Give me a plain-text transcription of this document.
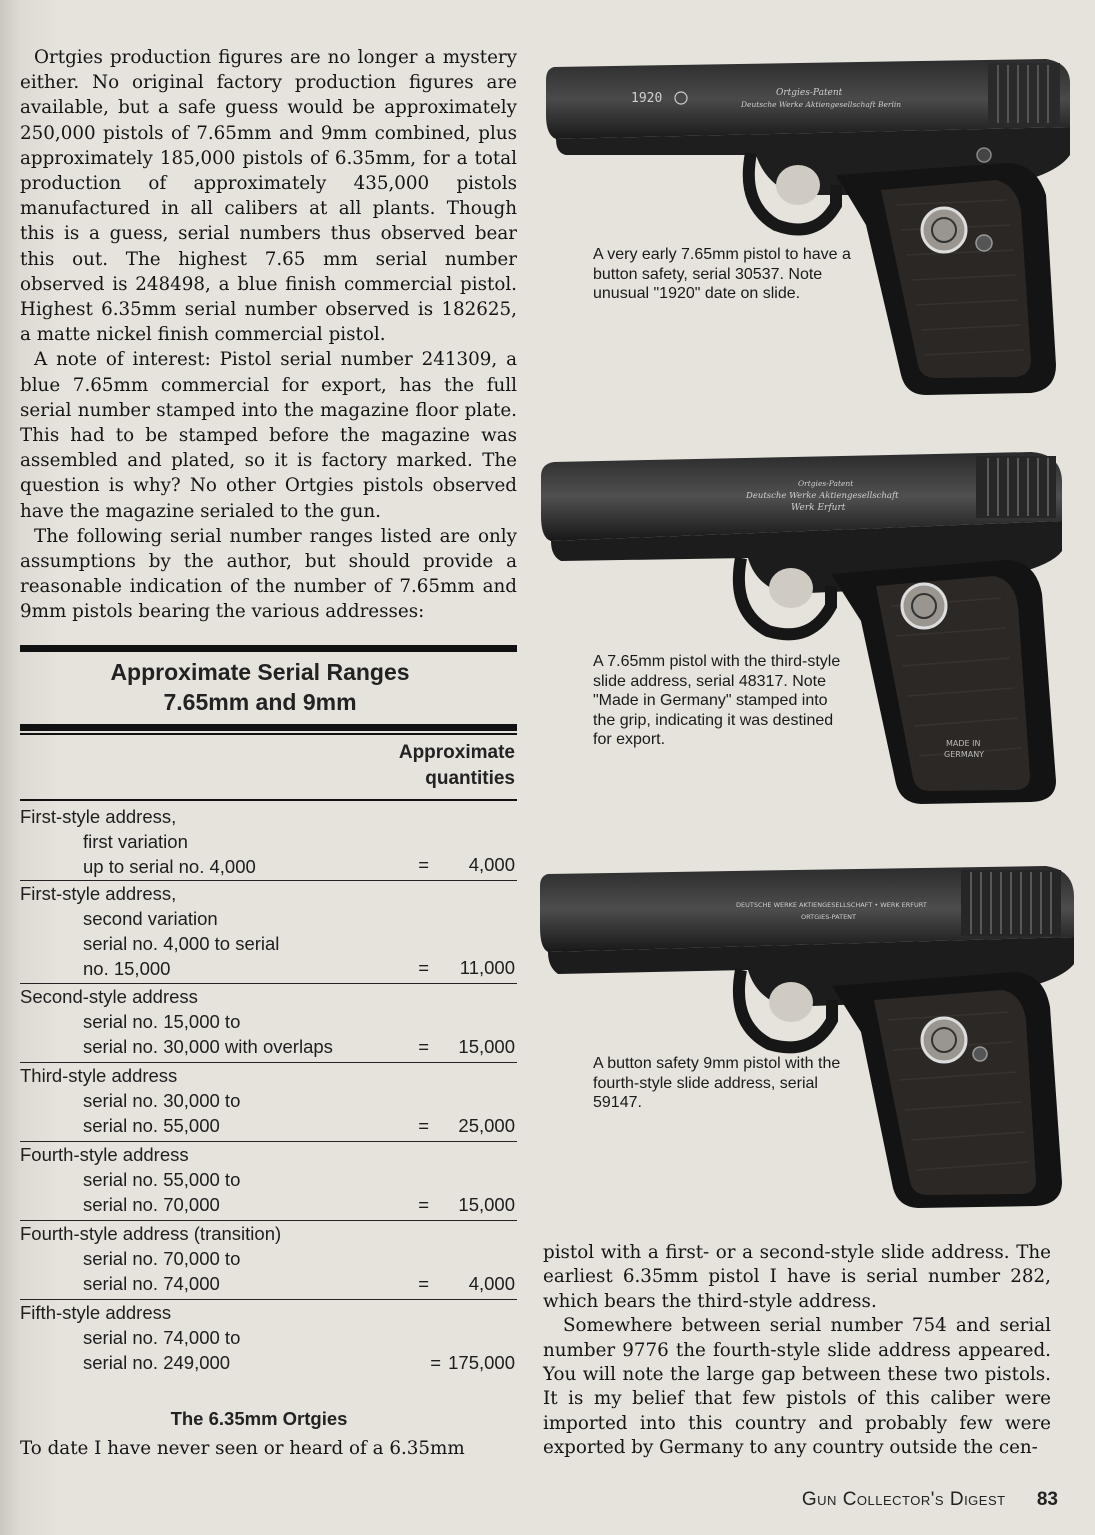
Ortgies production figures are no longer a mystery either. No original factory production figures are available, but a safe guess would be approximately 250,000 pistols of 7.65mm and 9mm combined, plus approximately 185,000 pistols of 6.35mm, for a total production of approximately 435,000 pistols manufactured in all calibers at all plants. Though this is a guess, serial numbers thus observed bear this out. The highest 7.65 mm serial number observed is 248498, a blue finish commercial pistol. Highest 6.35mm serial number observed is 182625, a matte nickel finish commercial pistol.

A note of interest: Pistol serial number 241309, a blue 7.65mm commercial for export, has the full serial number stamped into the magazine floor plate. This had to be stamped before the magazine was assembled and plated, so it is factory marked. The question is why? No other Ortgies pistols observed have the magazine serialed to the gun.

The following serial number ranges listed are only assumptions by the author, but should provide a reasonable indication of the number of 7.65mm and 9mm pistols bearing the various addresses:

Approximate Serial Ranges
7.65mm and 9mm
Approximate
quantities
First-style address,
first variation
up to serial no. 4,000	= 4,000
First-style address,
second variation
serial no. 4,000 to serial
no. 15,000	= 11,000
Second-style address
serial no. 15,000 to
serial no. 30,000 with overlaps	= 15,000
Third-style address
serial no. 30,000 to
serial no. 55,000	= 25,000
Fourth-style address
serial no. 55,000 to
serial no. 70,000	= 15,000
Fourth-style address (transition)
serial no. 70,000 to
serial no. 74,000	= 4,000
Fifth-style address
serial no. 74,000 to
serial no. 249,000	= 175,000
The 6.35mm Ortgies
To date I have never seen or heard of a 6.35mm
1920	Ortgies-Patent
Deutsche Werke Aktiengesellschaft Berlin
A very early 7.65mm pistol to have a button safety, serial 30537. Note unusual "1920" date on slide.
Ortgies-Patent
Deutsche Werke Aktiengesellschaft
Werk Erfurt
MADE IN
GERMANY
A 7.65mm pistol with the third-style slide address, serial 48317. Note "Made in Germany" stamped into the grip, indicating it was destined for export.
DEUTSCHE WERKE AKTIENGESELLSCHAFT • WERK ERFURT
ORTGIES-PATENT
A button safety 9mm pistol with the fourth-style slide address, serial 59147.

pistol with a first- or a second-style slide address. The earliest 6.35mm pistol I have is serial number 282, which bears the third-style address.

Somewhere between serial number 754 and serial number 9776 the fourth-style slide address appeared. You will note the large gap between these two pistols. It is my belief that few pistols of this caliber were imported into this country and probably few were exported by Germany to any country outside the cen-

Gun Collector's Digest 83
